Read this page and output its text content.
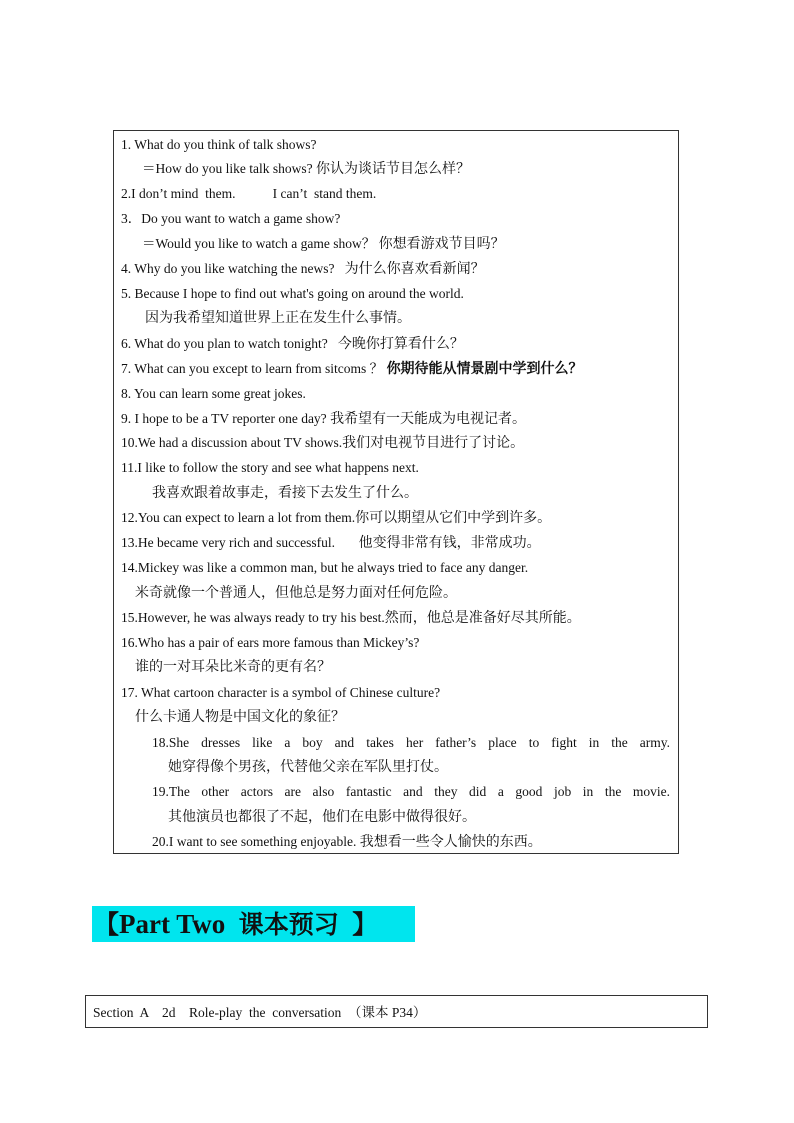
1. What do you think of talk shows?
＝How do you like talk shows? 你认为谈话节目怎么样？
2.I don’t mind  them.           I can’t  stand them.
3．Do you want to watch a game show?
＝Would you like to watch a game show？ 你想看游戏节目吗？
4. Why do you like watching the news? 为什么你喜欢看新闻？
5. Because I hope to find out what's going on around the world.
因为我希望知道世界上正在发生什么事情。
6. What do you plan to watch tonight? 今晚你打算看什么？
7. What can you except to learn from sitcoms ？ 你期待能从情景剧中学到什么？
8. You can learn some great jokes.
9. I hope to be a TV reporter one day? 我希望有一天能成为电视记者。
10.We had a discussion about TV shows.我们对电视节目进行了讨论。
11.I like to follow the story and see what happens next.
我喜欢跟着故事走，看接下去发生了什么。
12.You can expect to learn a lot from them.你可以期望从它们中学到许多。
13.He became very rich and successful. 他变得非常有钱，非常成功。
14.Mickey was like a common man, but he always tried to face any danger.
米奇就像一个普通人，但他总是努力面对任何危险。
15.However, he was always ready to try his best.然而，他总是准备好尽其所能。
16.Who has a pair of ears more famous than Mickey’s?
谁的一对耳朵比米奇的更有名？
17. What cartoon character is a symbol of Chinese culture?
什么卡通人物是中国文化的象征？
18.She dresses like a boy and takes her father’s place to fight in the army.
她穿得像个男孩，代替他父亲在军队里打仗。
19.The other actors are also fantastic and they did a good job in the movie.
其他演员也都很了不起，他们在电影中做得很好。
20.I want to see something enjoyable. 我想看一些令人愉快的东西。
【Part Two 课本预习 】
Section  A    2d    Role-play  the  conversation  （课本 P34）
